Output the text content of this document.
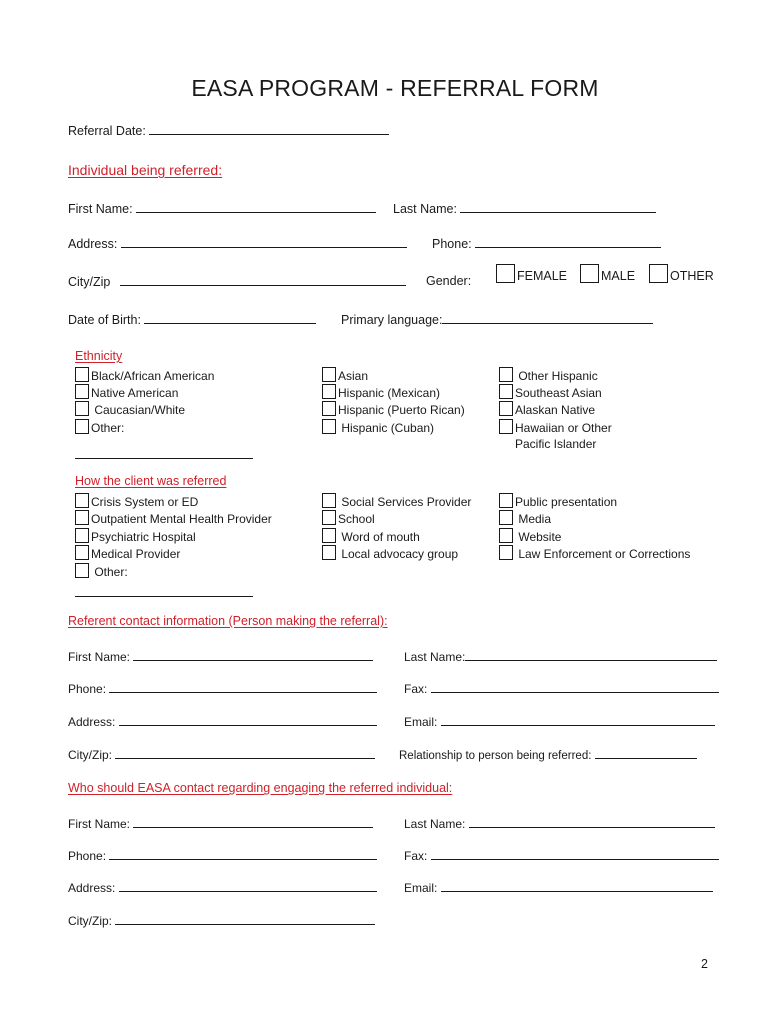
EASA PROGRAM - REFERRAL FORM
Referral Date:
Individual being referred:
First Name:	Last Name:
Address:	Phone:
City/Zip	Gender:	FEMALE	MALE	OTHER
Date of Birth:	Primary language:
Ethnicity
Black/African American
Native American
Caucasian/White
Other:
Asian
Hispanic (Mexican)
Hispanic (Puerto Rican)
Hispanic (Cuban)
Other Hispanic
Southeast Asian
Alaskan Native
Hawaiian or Other
Pacific Islander
How the client was referred
Crisis System or ED
Outpatient Mental Health Provider
Psychiatric Hospital
Medical Provider
Other:
Social Services Provider
School
Word of mouth
Local advocacy group
Public presentation
Media
Website
Law Enforcement or Corrections
Referent contact information (Person making the referral):
First Name:	Last Name:
Phone:	Fax:
Address:	Email:
City/Zip:	Relationship to person being referred:
Who should EASA contact regarding engaging the referred individual:
First Name:	Last Name:
Phone:	Fax:
Address:	Email:
City/Zip:
2
